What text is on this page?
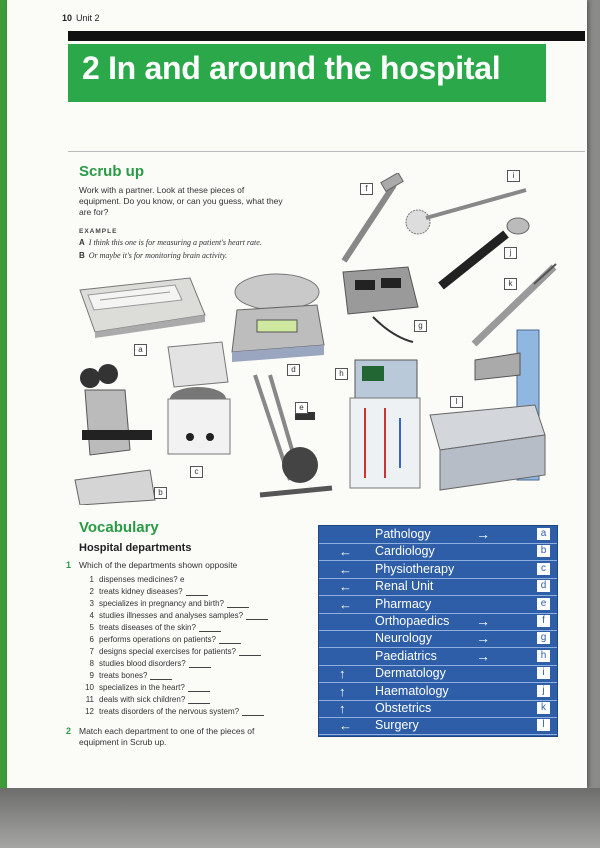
10 Unit 2
2 In and around the hospital
Scrub up
Work with a partner. Look at these pieces of
equipment. Do you know, or can you guess, what they
are for?
EXAMPLE
A I think this one is for measuring a patient's heart rate.
B Or maybe it's for monitoring brain activity.
a
d
f
i
j
g
k
b
c
e
h
l
Vocabulary
Hospital departments
1 Which of the departments shown opposite
1 dispenses medicines? e
2 treats kidney diseases?
3 specializes in pregnancy and birth?
4 studies illnesses and analyses samples?
5 treats diseases of the skin?
6 performs operations on patients?
7 designs special exercises for patients?
8 studies blood disorders?
9 treats bones?
10 specializes in the heart?
11 deals with sick children?
12 treats disorders of the nervous system?
2 Match each department to one of the pieces of
equipment in Scrub up.
Pathology	→	a
← Cardiology	b
← Physiotherapy	c
← Renal Unit	d
← Pharmacy	e
Orthopaedics →	f
Neurology	→	g
Paediatrics	→	h
↑ Dermatology	i
↑ Haematology	j
↑ Obstetrics	k
← Surgery	l
